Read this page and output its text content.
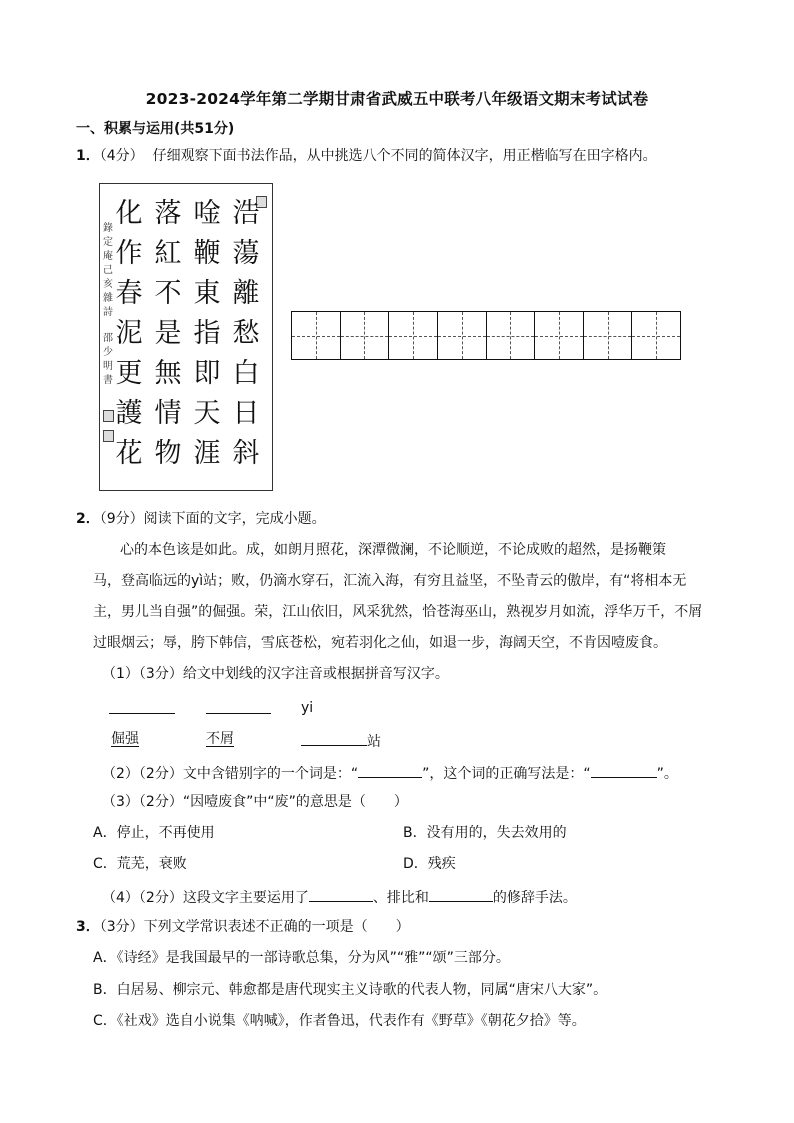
2023-2024学年第二学期甘肃省武威五中联考八年级语文期末考试试卷
一、积累与运用(共51分)
1．（4分） 仔细观察下面书法作品，从中挑选八个不同的简体汉字，用正楷临写在田字格内。
浩蕩離愁白日斜
唫鞭東指即天涯
落紅不是無情物
化作春泥更護花
錄定庵己亥雜詩
邵少明書
2．（9分）阅读下面的文字，完成小题。
心的本色该是如此。成，如朗月照花，深潭微澜，不论顺逆，不论成败的超然，是扬鞭策
马，登高临远的yì站；败，仍滴水穿石，汇流入海，有穷且益坚，不坠青云的傲岸，有“将相本无
主，男儿当自强”的倔强。荣，江山依旧，风采犹然，恰苍海巫山，熟视岁月如流，浮华万千，不屑
过眼烟云；辱，胯下韩信，雪底苍松，宛若羽化之仙，如退一步，海阔天空，不肯因噎废食。
（1）（3分）给文中划线的汉字注音或根据拼音写汉字。
yi
倔强	不屑	站
（2）（2分）文中含错别字的一个词是：“	”，这个词的正确写法是：“	”。
（3）（2分）“因噎废食”中“废”的意思是（　　）
A．停止，不再使用	B．没有用的，失去效用的
C．荒芜，衰败	D．残疾
（4）（2分）这段文字主要运用了	、排比和	的修辞手法。
3．（3分）下列文学常识表述不正确的一项是（　　）
A．《诗经》是我国最早的一部诗歌总集，分为风”“雅”“颂”三部分。
B．白居易、柳宗元、韩愈都是唐代现实主义诗歌的代表人物，同属“唐宋八大家”。
C．《社戏》选自小说集《呐喊》，作者鲁迅，代表作有《野草》《朝花夕拾》等。
